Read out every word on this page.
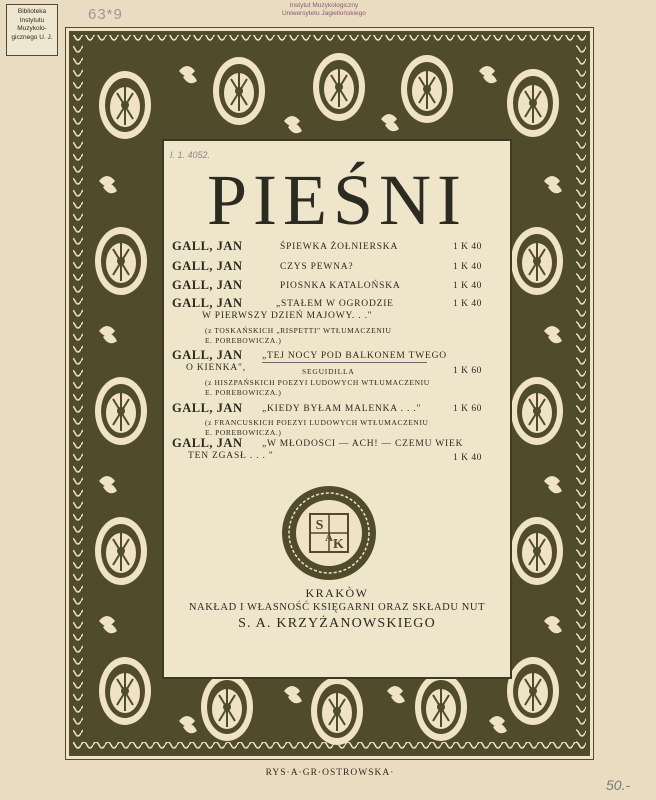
Biblioteka
Instytutu
Muzykolo-
gicznego U. J.
63*9
Instytut Muzykologiczny
Uniwersytetu Jagiellońskiego
I. 1. 4052.
PIEŚNI
GALL, JAN	ŚPIEWKA ŻOŁNIERSKA	1 K 40
GALL, JAN	CZYS PEWNA?	1 K 40
GALL, JAN	PIOSNKA KATALOŃSKA	1 K 40
GALL, JAN	„STAŁEM W OGRODZIE	1 K 40
W PIERWSZY DZIEŃ MAJOWY. . ."
(z TOSKAŃSKICH „RISPETTI" WTŁUMACZENIU
E. POREBOWICZA.)
GALL, JAN „TEJ NOCY POD BALKONEM TWEGO
O KIENKA",	SEGUIDILLA	1 K 60
(z HISZPAŃSKICH POEZYI LUDOWYCH WTŁUMACZENIU
E. POREBOWICZA.)
GALL, JAN „KIEDY BYŁAM MALENKA . . ."	1 K 60
(z FRANCUSKICH POEZYI LUDOWYCH WTŁUMACZENIU
E. POREBOWICZA.)
GALL, JAN „W MŁODOSCI — ACH! — CZEMU WIEK
TEN ZGASŁ . . . "	1 K 40
S
K
A
KRAKÒW
NAKŁAD I WŁASNOŚĆ KSIĘGARNI ORAZ SKŁADU NUT
S. A. KRZYŻANOWSKIEGO
RYS·A·GR·OSTROWSKA·
50.-
